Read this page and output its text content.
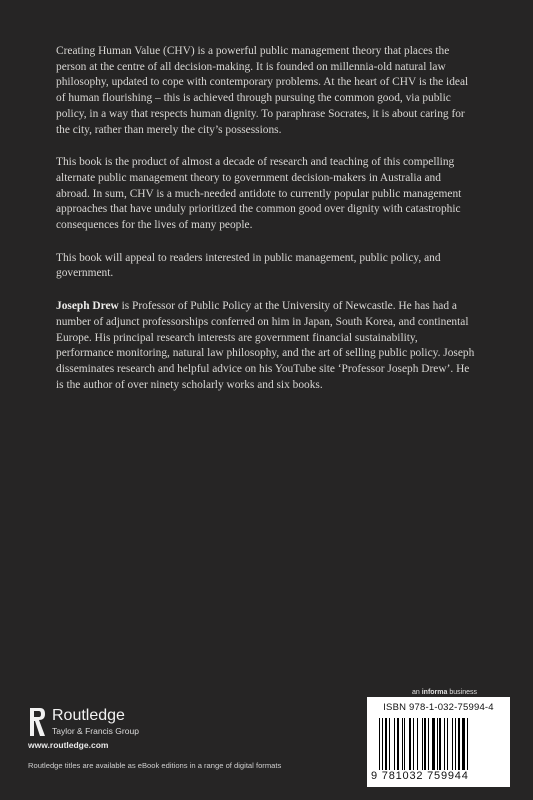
Creating Human Value (CHV) is a powerful public management theory that places the person at the centre of all decision-making. It is founded on millennia-old natural law philosophy, updated to cope with contemporary problems. At the heart of CHV is the ideal of human flourishing – this is achieved through pursuing the common good, via public policy, in a way that respects human dignity. To paraphrase Socrates, it is about caring for the city, rather than merely the city’s possessions.

This book is the product of almost a decade of research and teaching of this compelling alternate public management theory to government decision-makers in Australia and abroad. In sum, CHV is a much-needed antidote to currently popular public management approaches that have unduly prioritized the common good over dignity with catastrophic consequences for the lives of many people.

This book will appeal to readers interested in public management, public policy, and government.

Joseph Drew is Professor of Public Policy at the University of Newcastle. He has had a number of adjunct professorships conferred on him in Japan, South Korea, and continental Europe. His principal research interests are government financial sustainability, performance monitoring, natural law philosophy, and the art of selling public policy. Joseph disseminates research and helpful advice on his YouTube site ‘Professor Joseph Drew’. He is the author of over ninety scholarly works and six books.

Routledge
Taylor & Francis Group
www.routledge.com
Routledge titles are available as eBook editions in a range of digital formats
an informa business
ISBN 978-1-032-75994-4
9 781032 759944
